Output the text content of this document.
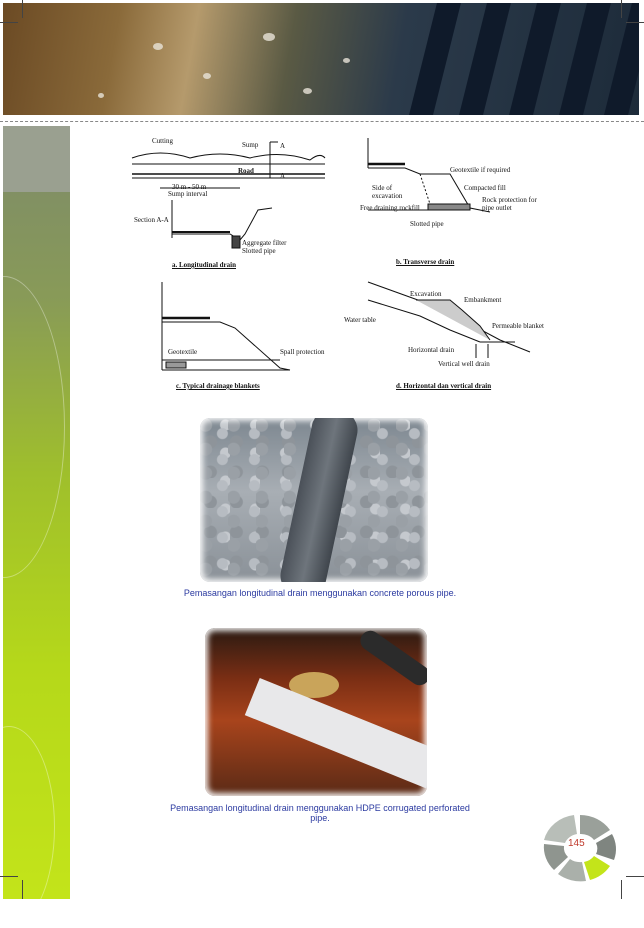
Cutting	Sump	A
Road
A
30 m - 50 m
Sump interval
Section A-A
Aggregate filter
Slotted pipe
a. Longitudinal drain
Geotextile if required
Side of excavation
Compacted fill
Free draining rockfill
Rock protection for pipe outlet
Slotted pipe
b. Transverse drain
Geotextile	Spall protection
c. Typical drainage blankets
Excavation
Embankment
Water table
Permeable blanket
Horizontal drain
Vertical well drain
d. Horizontal dan vertical drain
Pemasangan longitudinal drain menggunakan concrete porous pipe.
Pemasangan longitudinal drain menggunakan HDPE corrugated perforated pipe.
145
